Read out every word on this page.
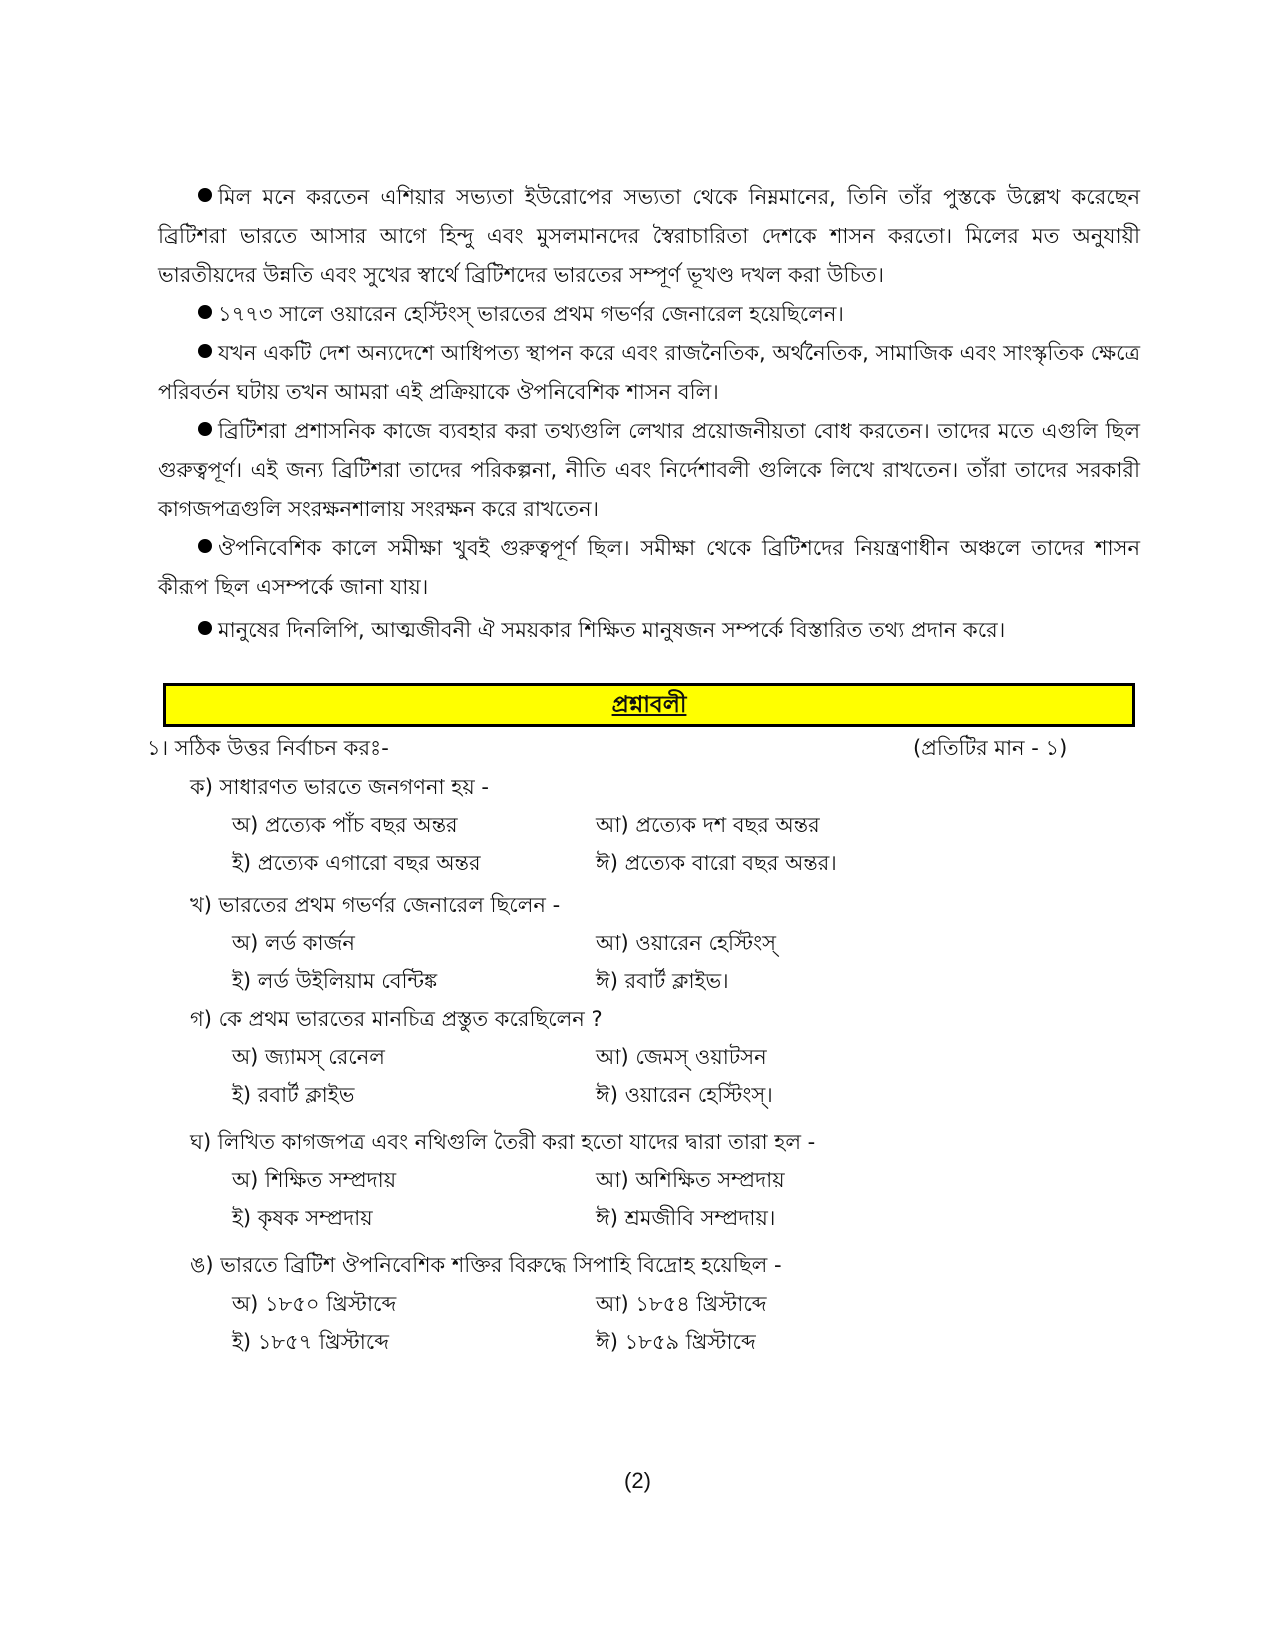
মিল মনে করতেন এশিয়ার সভ্যতা ইউরোপের সভ্যতা থেকে নিম্নমানের, তিনি তাঁর পুস্তকে উল্লেখ করেছেন ব্রিটিশরা ভারতে আসার আগে হিন্দু এবং মুসলমানদের স্বৈরাচারিতা দেশকে শাসন করতো। মিলের মত অনুযায়ী ভারতীয়দের উন্নতি এবং সুখের স্বার্থে ব্রিটিশদের ভারতের সম্পূর্ণ ভূখণ্ড দখল করা উচিত।

১৭৭৩ সালে ওয়ারেন হেস্টিংস্ ভারতের প্রথম গভর্ণর জেনারেল হয়েছিলেন।

যখন একটি দেশ অন্যদেশে আধিপত্য স্থাপন করে এবং রাজনৈতিক, অর্থনৈতিক, সামাজিক এবং সাংস্কৃতিক ক্ষেত্রে পরিবর্তন ঘটায় তখন আমরা এই প্রক্রিয়াকে ঔপনিবেশিক শাসন বলি।

ব্রিটিশরা প্রশাসনিক কাজে ব্যবহার করা তথ্যগুলি লেখার প্রয়োজনীয়তা বোধ করতেন। তাদের মতে এগুলি ছিল গুরুত্বপূর্ণ। এই জন্য ব্রিটিশরা তাদের পরিকল্পনা, নীতি এবং নির্দেশাবলী গুলিকে লিখে রাখতেন। তাঁরা তাদের সরকারী কাগজপত্রগুলি সংরক্ষনশালায় সংরক্ষন করে রাখতেন।

ঔপনিবেশিক কালে সমীক্ষা খুবই গুরুত্বপূর্ণ ছিল। সমীক্ষা থেকে ব্রিটিশদের নিয়ন্ত্রণাধীন অঞ্চলে তাদের শাসন কীরূপ ছিল এসম্পর্কে জানা যায়।

মানুষের দিনলিপি, আত্মজীবনী ঐ সময়কার শিক্ষিত মানুষজন সম্পর্কে বিস্তারিত তথ্য প্রদান করে।

প্রশ্নাবলী
১। সঠিক উত্তর নির্বাচন করঃ-	(প্রতিটির মান - ১)
ক) সাধারণত ভারতে জনগণনা হয় -
অ) প্রত্যেক পাঁচ বছর অন্তর	আ) প্রত্যেক দশ বছর অন্তর
ই) প্রত্যেক এগারো বছর অন্তর	ঈ) প্রত্যেক বারো বছর অন্তর।
খ) ভারতের প্রথম গভর্ণর জেনারেল ছিলেন -
অ) লর্ড কার্জন	আ) ওয়ারেন হেস্টিংস্
ই) লর্ড উইলিয়াম বেন্টিঙ্ক	ঈ) রবার্ট ক্লাইভ।
গ) কে প্রথম ভারতের মানচিত্র প্রস্তুত করেছিলেন ?
অ) জ্যামস্ রেনেল	আ) জেমস্ ওয়াটসন
ই) রবার্ট ক্লাইভ	ঈ) ওয়ারেন হেস্টিংস্।
ঘ) লিখিত কাগজপত্র এবং নথিগুলি তৈরী করা হতো যাদের দ্বারা তারা হল -
অ) শিক্ষিত সম্প্রদায়	আ) অশিক্ষিত সম্প্রদায়
ই) কৃষক সম্প্রদায়	ঈ) শ্রমজীবি সম্প্রদায়।
ঙ) ভারতে ব্রিটিশ ঔপনিবেশিক শক্তির বিরুদ্ধে সিপাহি বিদ্রোহ হয়েছিল -
অ) ১৮৫০ খ্রিস্টাব্দে	আ) ১৮৫৪ খ্রিস্টাব্দে
ই) ১৮৫৭ খ্রিস্টাব্দে	ঈ) ১৮৫৯ খ্রিস্টাব্দে
(2)
